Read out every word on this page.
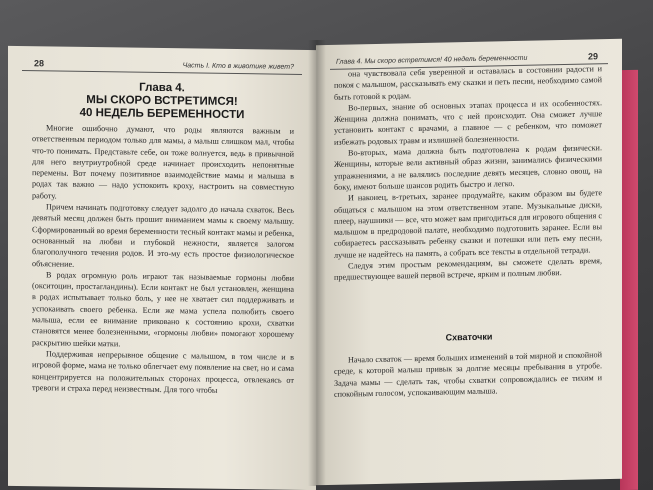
28	Часть I. Кто в животике живет?
Глава 4.
МЫ СКОРО ВСТРЕТИМСЯ!
40 НЕДЕЛЬ БЕРЕМЕННОСТИ

Многие ошибочно думают, что роды являются важным и ответственным периодом только для мамы, а малыш слишком мал, чтобы что-то понимать. Представьте себе, он тоже волнуется, ведь в привычной для него внутриутробной среде начинает происходить непонятные перемены. Вот почему позитивное взаимодействие мамы и малыша в родах так важно — надо успокоить кроху, настроить на совместную работу.

Причем начинать подготовку следует задолго до начала схваток. Весь девятый месяц должен быть прошит вниманием мамы к своему малышу. Сформированный во время беременности тесный контакт мамы и ребенка, основанный на любви и глубокой нежности, является залогом благополучного течения родов. И это-му есть простое физиологическое объяснение.

В родах огромную роль играют так называемые гормоны любви (окситоцин, простагландины). Если контакт не был установлен, женщина в родах испытывает только боль, у нее не хватает сил поддерживать и успокаивать своего ребенка. Если же мама успела полюбить своего малыша, если ее внимание приковано к состоянию крохи, схватки становятся менее болезненными, «гормоны любви» помогают хорошему раскрытию шейки матки.

Поддерживая непрерывное общение с малышом, в том числе и в игровой форме, мама не только облегчает ему появление на свет, но и сама концентрируется на положительных сторонах процесса, отвлекаясь от тревоги и страха перед неизвестным. Для того чтобы

Глава 4. Мы скоро встретимся! 40 недель беременности	29

она чувствовала себя уверенной и оставалась в состоянии радости и покоя с малышом, рассказывать ему сказки и петь песни, необходимо самой быть готовой к родам.

Во-первых, знание об основных этапах процесса и их особенностях. Женщина должна понимать, что с ней происходит. Она сможет лучше установить контакт с врачами, а главное — с ребенком, что поможет избежать родовых травм и излишней болезненности.

Во-вторых, мама должна быть подготовлена к родам физически. Женщины, которые вели активный образ жизни, занимались физическими упражнениями, а не валялись последние девять месяцев, словно овощ, на боку, имеют больше шансов родить быстро и легко.

И наконец, в-третьих, заранее продумайте, каким образом вы будете общаться с малышом на этом ответственном этапе. Музыкальные диски, плеер, наушники — все, что может вам пригодиться для игрового общения с малышом в предродовой палате, необходимо подготовить заранее. Если вы собираетесь рассказывать ребенку сказки и потешки или петь ему песни, лучше не надейтесь на память, а собрать все тексты в отдельной тетради.

Следуя этим простым рекомендациям, вы сможете сделать время, предшествующее вашей первой встрече, ярким и полным любви.

Схваточки

Начало схваток — время больших изменений в той мирной и спокойной среде, к которой малыш привык за долгие месяцы пребывания в утробе. Задача мамы — сделать так, чтобы схватки сопровождались ее тихим и спокойным голосом, успокаивающим малыша.
